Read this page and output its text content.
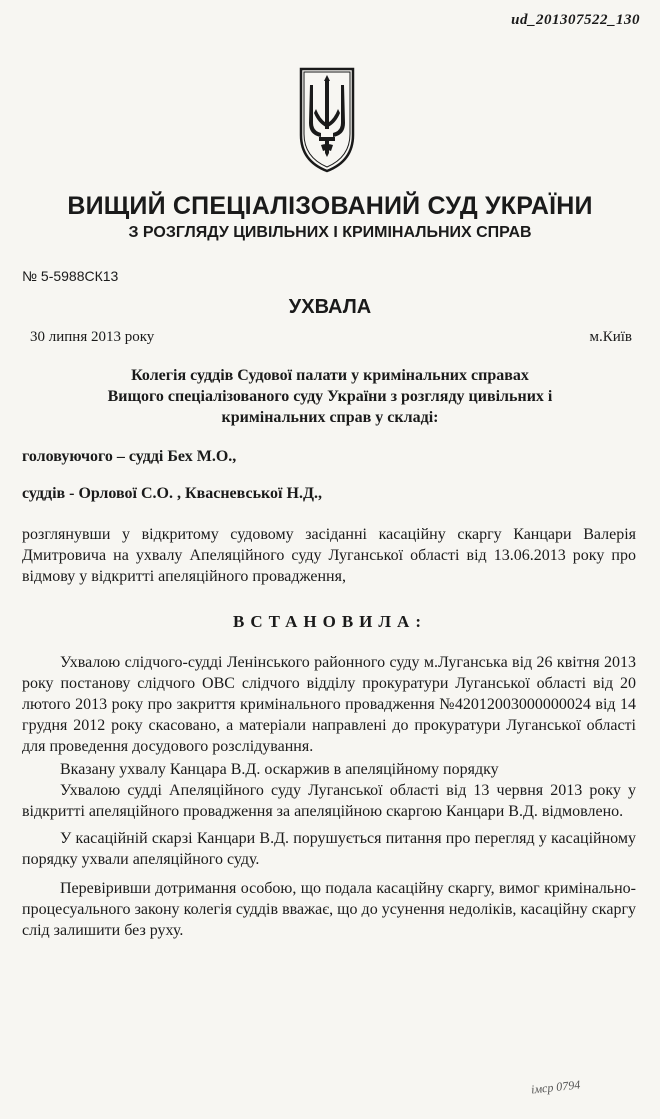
ud_201307522_130
ВИЩИЙ СПЕЦІАЛІЗОВАНИЙ СУД УКРАЇНИ
З РОЗГЛЯДУ ЦИВІЛЬНИХ І КРИМІНАЛЬНИХ СПРАВ
№ 5-5988СК13
УХВАЛА
30 липня 2013 року	м.Київ
Колегія суддів Судової палати у кримінальних справах
Вищого спеціалізованого суду України з розгляду цивільних і
кримінальних справ у складі:
головуючого – судді Бех М.О.,
суддів - Орлової С.О. , Квасневської Н.Д.,
розглянувши у відкритому судовому засіданні касаційну скаргу Канцари Валерія Дмитровича на ухвалу Апеляційного суду Луганської області від 13.06.2013 року про відмову у відкритті апеляційного провадження,
ВСТАНОВИЛА:

Ухвалою слідчого-судді Ленінського районного суду м.Луганська від 26 квітня 2013 року постанову слідчого ОВС слідчого відділу прокуратури Луганської області від 20 лютого 2013 року про закриття кримінального провадження №42012003000000024 від 14 грудня 2012 року скасовано, а матеріали направлені до прокуратури Луганської області для проведення досудового розслідування.

Вказану ухвалу Канцара В.Д. оскаржив в апеляційному порядку

Ухвалою судді Апеляційного суду Луганської області від 13 червня 2013 року у відкритті апеляційного провадження за апеляційною скаргою Канцари В.Д. відмовлено.

У касаційній скарзі Канцари В.Д. порушується питання про перегляд у касаційному порядку ухвали апеляційного суду.

Перевіривши дотримання особою, що подала касаційну скаргу, вимог кримінально-процесуального закону колегія суддів вважає, що до усунення недоліків, касаційну скаргу слід залишити без руху.

імср 0794
